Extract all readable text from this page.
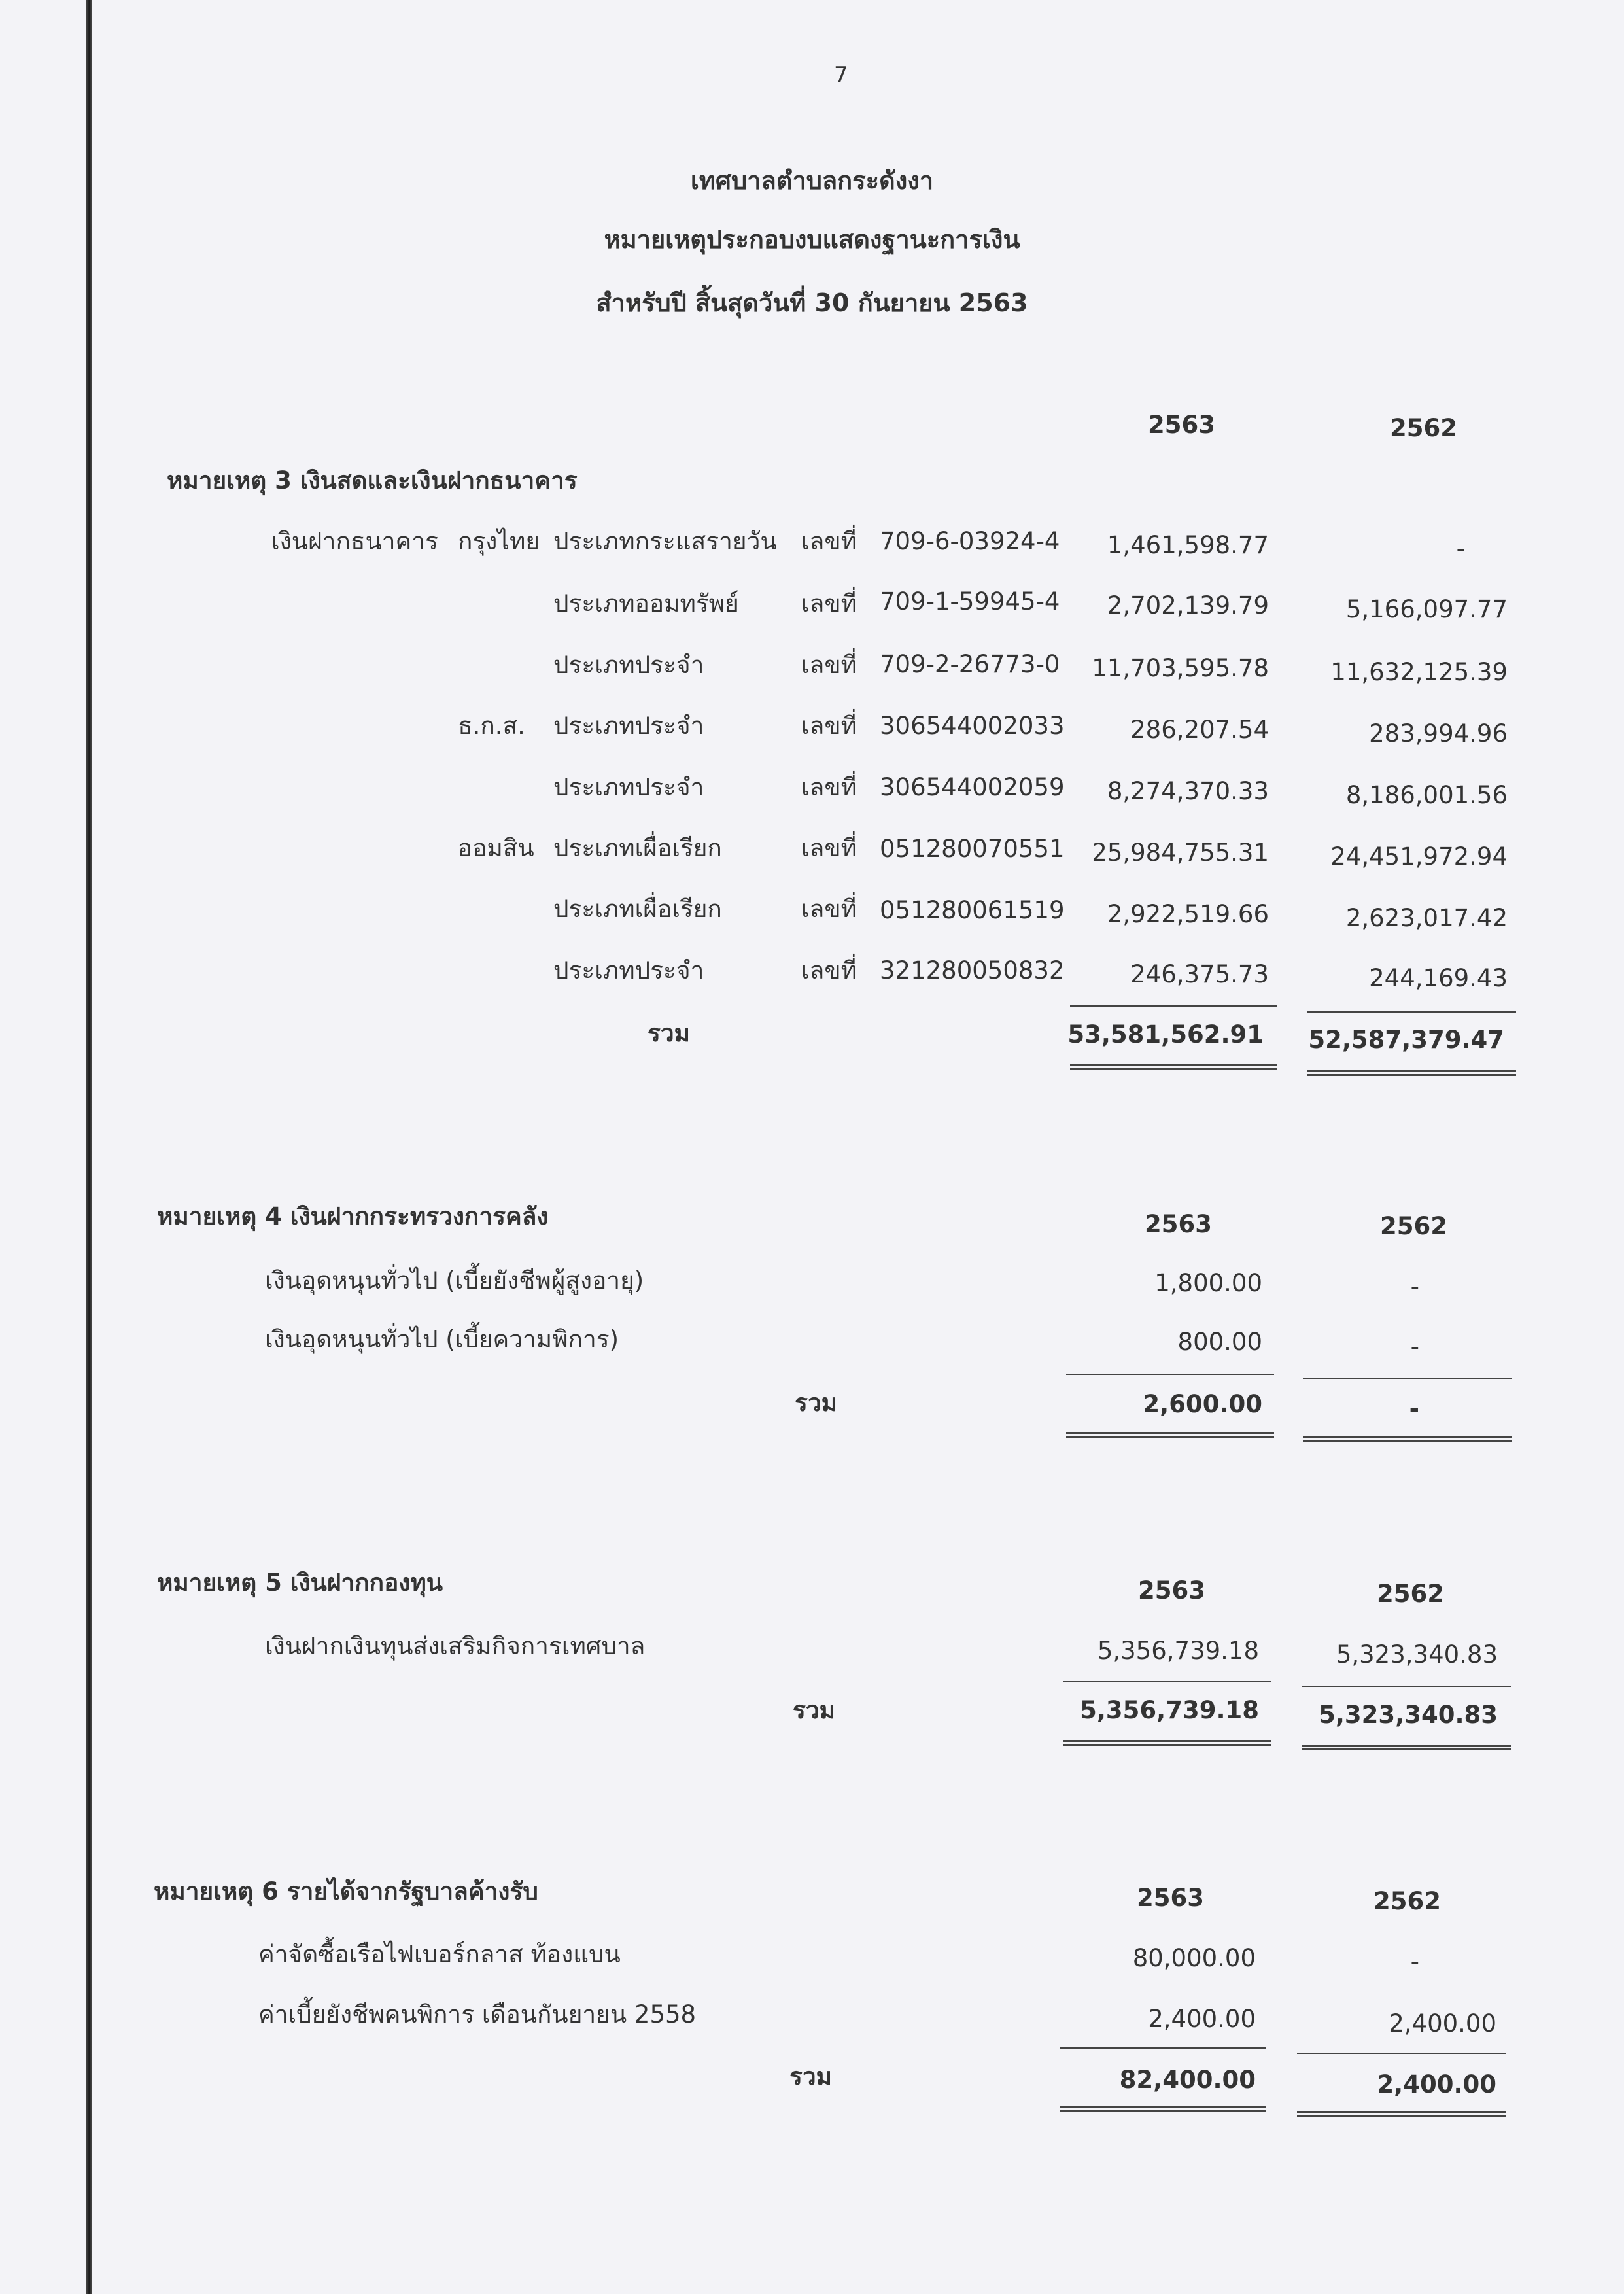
7
เทศบาลตำบลกระดังงา
หมายเหตุประกอบงบแสดงฐานะการเงิน
สำหรับปี สิ้นสุดวันที่ 30 กันยายน 2563
2563	2562
หมายเหตุ 3 เงินสดและเงินฝากธนาคาร
เงินฝากธนาคาร กรุงไทย ประเภทกระแสรายวัน เลขที่ 709-6-03924-4	1,461,598.77	-
ประเภทออมทรัพย์	เลขที่ 709-1-59945-4	2,702,139.79	5,166,097.77
ประเภทประจำ	เลขที่ 709-2-26773-0	11,703,595.78	11,632,125.39
ธ.ก.ส. ประเภทประจำ	เลขที่ 306544002033	286,207.54	283,994.96
ประเภทประจำ	เลขที่ 306544002059	8,274,370.33	8,186,001.56
ออมสิน ประเภทเผื่อเรียก	เลขที่ 051280070551	25,984,755.31	24,451,972.94
ประเภทเผื่อเรียก	เลขที่ 051280061519	2,922,519.66	2,623,017.42
ประเภทประจำ	เลขที่ 321280050832	246,375.73	244,169.43
รวม	53,581,562.91	52,587,379.47
หมายเหตุ 4 เงินฝากกระทรวงการคลัง	2563	2562
เงินอุดหนุนทั่วไป (เบี้ยยังชีพผู้สูงอายุ)	1,800.00	-
เงินอุดหนุนทั่วไป (เบี้ยความพิการ)	800.00	-
รวม	2,600.00	-
หมายเหตุ 5 เงินฝากกองทุน	2563	2562
เงินฝากเงินทุนส่งเสริมกิจการเทศบาล	5,356,739.18	5,323,340.83
รวม	5,356,739.18	5,323,340.83
หมายเหตุ 6 รายได้จากรัฐบาลค้างรับ	2563	2562
ค่าจัดซื้อเรือไฟเบอร์กลาส ท้องแบน	80,000.00	-
ค่าเบี้ยยังชีพคนพิการ เดือนกันยายน 2558	2,400.00	2,400.00
รวม	82,400.00	2,400.00
